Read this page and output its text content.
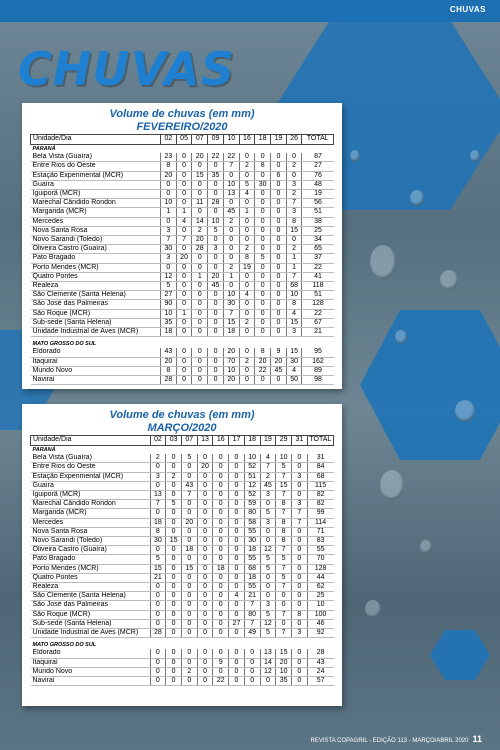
CHUVAS
CHUVAS
Volume de chuvas (em mm)
FEVEREIRO/2020
Unidade/Dia	02	05	07	09	10	16	18	19	26	TOTAL
PARANÁ										
Bela Vista (Guaíra)	23	0	20	22	22	0	0	0	0	87
Entre Rios do Oeste	8	0	0	0	7	2	8	0	2	27
Estação Experimental (MCR)	20	0	15	35	0	0	0	6	0	76
Guaíra	0	0	0	0	10	5	30	0	3	48
Iguiporã (MCR)	0	0	0	0	13	4	0	0	2	19
Marechal Cândido Rondon	10	0	11	28	0	0	0	0	7	56
Margarida (MCR)	1	1	0	0	45	1	0	0	3	51
Mercedes	0	4	14	10	2	0	0	0	8	38
Nova Santa Rosa	3	0	2	5	0	0	0	0	15	25
Novo Sarandi (Toledo)	7	7	20	0	0	0	0	0	0	34
Oliveira Castro (Guaíra)	30	0	28	3	0	2	0	0	2	65
Pato Bragado	3	20	0	0	0	8	5	0	1	37
Porto Mendes (MCR)	0	0	0	0	2	19	0	0	1	22
Quatro Pontes	12	0	1	20	1	0	0	0	7	41
Realeza	5	0	0	45	0	0	0	0	68	118
São Clemente (Santa Helena)	27	0	0	0	10	4	0	0	10	51
São José das Palmeiras	90	0	0	0	30	0	0	0	8	128
São Roque (MCR)	10	1	0	0	7	0	0	0	4	22
Sub-sede (Santa Helena)	35	0	0	0	15	2	0	0	15	67
Unidade Industrial de Aves (MCR)	18	0	0	0	18	0	0	0	3	21

MATO GROSSO DO SUL										
Eldorado	43	0	0	0	20	0	8	9	15	95
Itaquiraí	20	0	0	0	70	2	20	20	30	162
Mundo Novo	8	0	0	0	10	0	22	45	4	89
Naviraí	28	0	0	0	20	0	0	0	50	98
Volume de chuvas (em mm)
MARÇO/2020
Unidade/Dia	02	03	07	13	16	17	18	19	29	31	TOTAL
PARANÁ											
Bela Vista (Guaíra)	2	0	5	0	0	0	10	4	10	0	31
Entre Rios do Oeste	0	0	0	20	0	0	52	7	5	0	84
Estação Experimental (MCR)	3	2	0	0	0	0	51	2	7	3	68
Guaíra	0	0	43	0	0	0	12	45	15	0	115
Iguiporã (MCR)	13	0	7	0	0	0	52	3	7	0	82
Marechal Cândido Rondon	7	5	0	0	0	0	59	0	8	3	82
Margarida (MCR)	0	0	0	0	0	0	80	5	7	7	99
Mercedes	18	0	20	0	0	0	58	3	8	7	114
Nova Santa Rosa	8	0	0	0	0	0	55	0	8	0	71
Novo Sarandi (Toledo)	30	15	0	0	0	0	30	0	8	0	83
Oliveira Castro (Guaíra)	0	0	18	0	0	0	18	12	7	0	55
Pato Bragado	5	0	0	0	0	0	55	5	5	0	70
Porto Mendes (MCR)	15	0	15	0	18	0	68	5	7	0	128
Quatro Pontes	21	0	0	0	0	0	18	0	5	0	44
Realeza	0	0	0	0	0	0	55	0	7	0	62
São Clemente (Santa Helena)	0	0	0	0	0	4	21	0	0	0	25
São José das Palmeiras	0	0	0	0	0	0	7	3	0	0	10
São Roque (MCR)	0	0	0	0	0	0	80	5	7	8	100
Sub-sede (Santa Helena)	0	0	0	0	0	27	7	12	0	0	46
Unidade Industrial de Aves (MCR)	28	0	0	0	0	0	49	5	7	3	92

MATO GROSSO DO SUL											
Eldorado	0	0	0	0	0	0	0	13	15	0	28
Itaquiraí	0	0	0	0	9	0	0	14	20	0	43
Mundo Novo	0	0	2	0	0	0	0	12	10	0	24
Naviraí	0	0	0	0	22	0	0	0	35	0	57
REVISTA COPAGRIL - EDIÇÃO 113 - MARÇO/ABRIL 2020 11
